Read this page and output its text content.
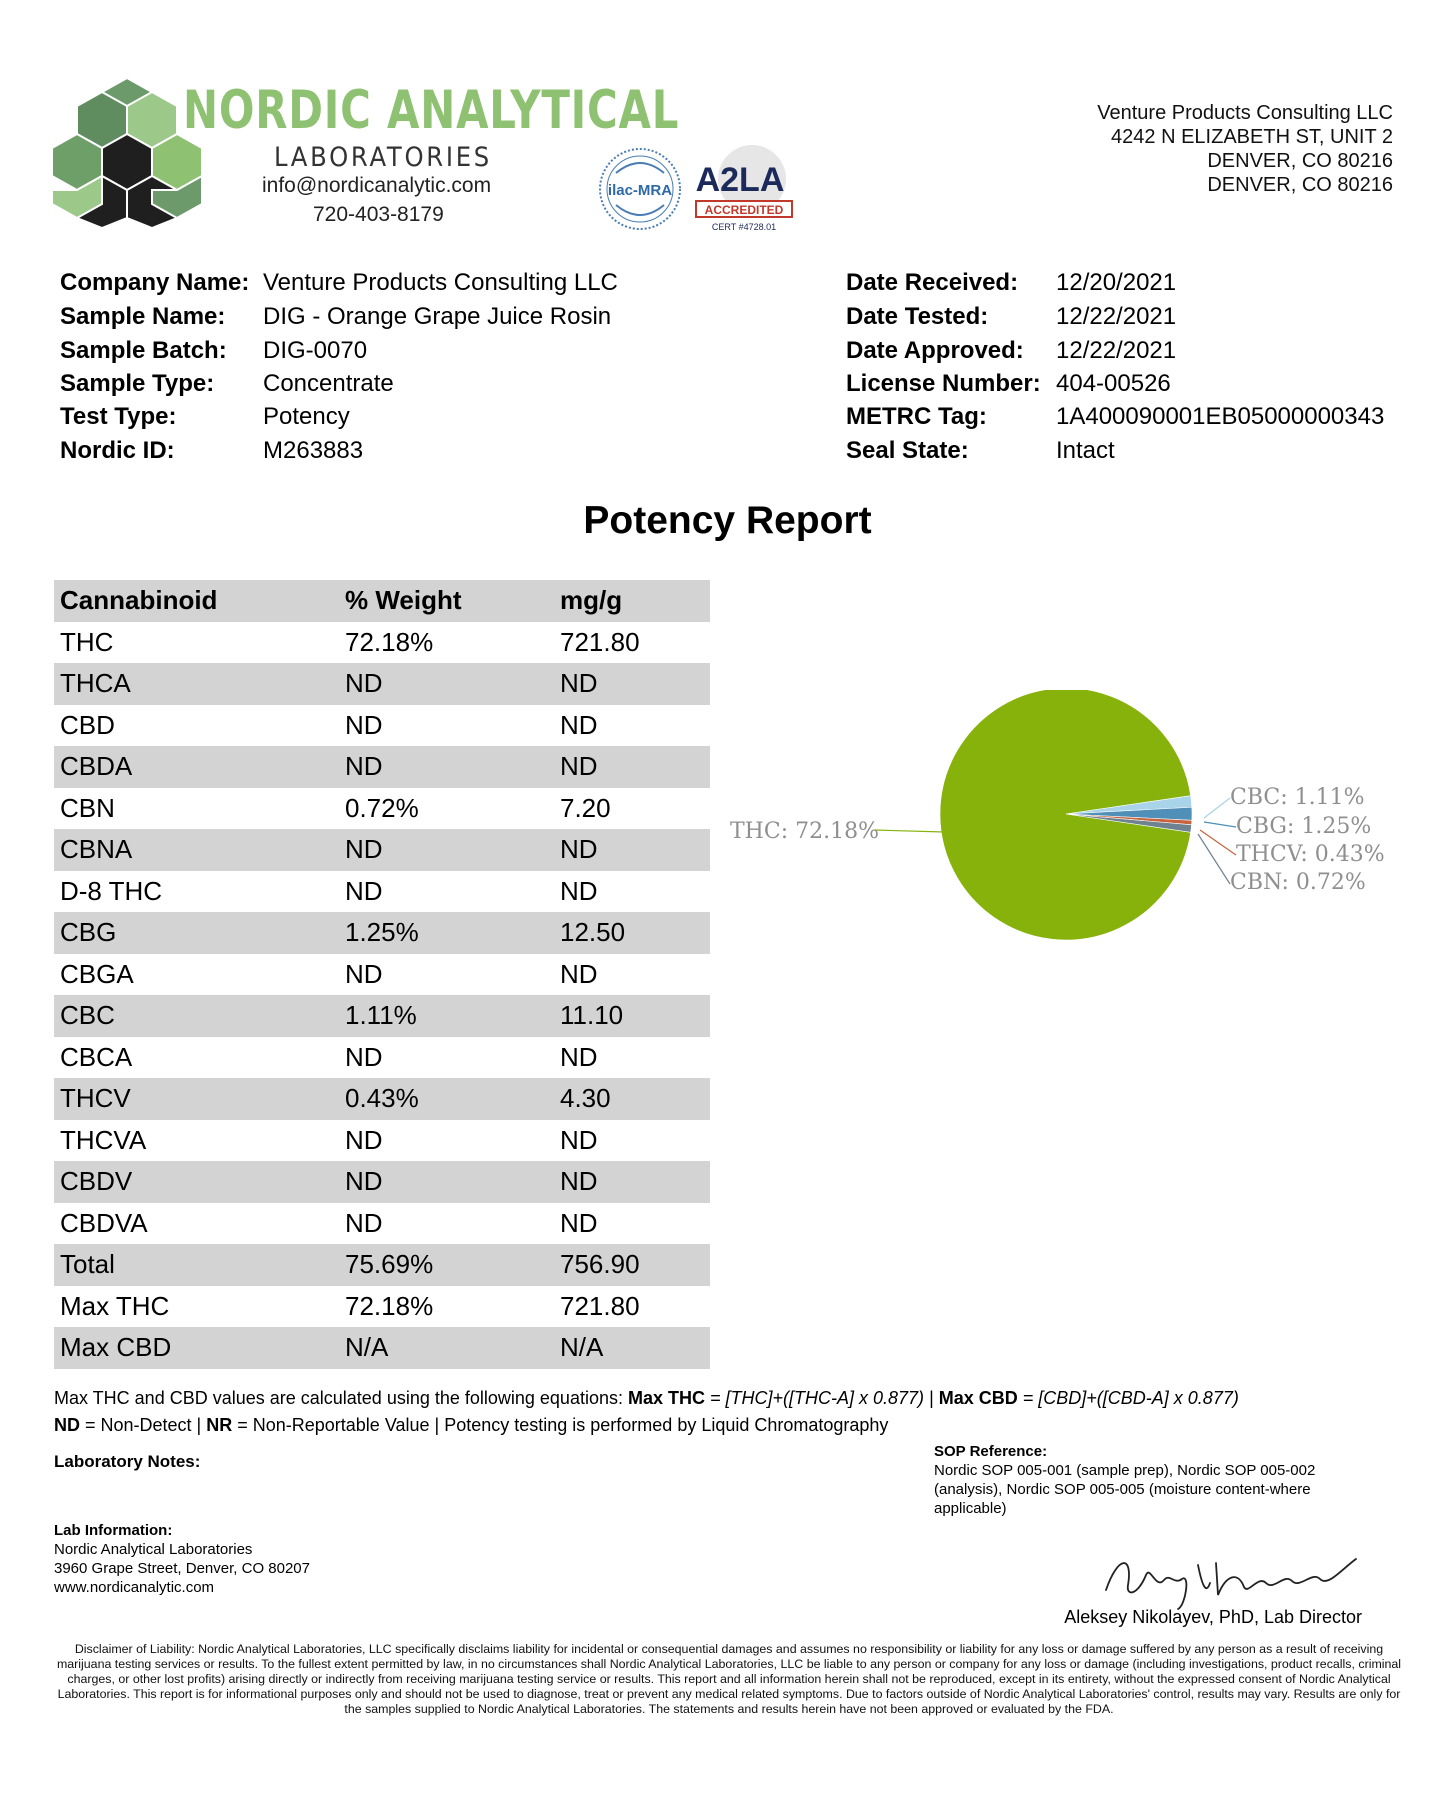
NORDIC ANALYTICAL
LABORATORIES
info@nordicanalytic.com
720-403-8179
ilac-MRA A2LA
ACCREDITED
CERT #4728.01
Venture Products Consulting LLC
4242 N ELIZABETH ST, UNIT 2
DENVER, CO 80216
DENVER, CO 80216
Company Name: Venture Products Consulting LLC
Sample Name: DIG - Orange Grape Juice Rosin
Sample Batch: DIG-0070
Sample Type: Concentrate
Test Type:	Potency
Nordic ID:	M263883
Date Received: 12/20/2021
Date Tested:	12/22/2021
Date Approved: 12/22/2021
License Number: 404-00526
METRC Tag:	1A400090001EB05000000343
Seal State:	Intact
Potency Report
Cannabinoid	% Weight	mg/g
THC	72.18%	721.80
THCA	ND	ND
CBD	ND	ND
CBDA	ND	ND
CBN	0.72%	7.20
CBNA	ND	ND
D-8 THC	ND	ND
CBG	1.25%	12.50
CBGA	ND	ND
CBC	1.11%	11.10
CBCA	ND	ND
THCV	0.43%	4.30
THCVA	ND	ND
CBDV	ND	ND
CBDVA	ND	ND
Total	75.69%	756.90
Max THC	72.18%	721.80
Max CBD	N/A	N/A
THC: 72.18%
CBC: 1.11%
CBG: 1.25%
THCV: 0.43%
CBN: 0.72%
Max THC and CBD values are calculated using the following equations: Max THC = [THC]+([THC-A] x 0.877) | Max CBD = [CBD]+([CBD-A] x 0.877)
ND = Non-Detect | NR = Non-Reportable Value | Potency testing is performed by Liquid Chromatography
Laboratory Notes:
SOP Reference:
Nordic SOP 005-001 (sample prep), Nordic SOP 005-002 (analysis), Nordic SOP 005-005 (moisture content-where applicable)
Lab Information:
Nordic Analytical Laboratories
3960 Grape Street, Denver, CO 80207
www.nordicanalytic.com
Aleksey Nikolayev, PhD, Lab Director
Disclaimer of Liability: Nordic Analytical Laboratories, LLC specifically disclaims liability for incidental or consequential damages and assumes no responsibility or liability for any loss or damage suffered by any person as a result of receiving marijuana testing services or results. To the fullest extent permitted by law, in no circumstances shall Nordic Analytical Laboratories, LLC be liable to any person or company for any loss or damage (including investigations, product recalls, criminal charges, or other lost profits) arising directly or indirectly from receiving marijuana testing service or results. This report and all information herein shall not be reproduced, except in its entirety, without the expressed consent of Nordic Analytical Laboratories. This report is for informational purposes only and should not be used to diagnose, treat or prevent any medical related symptoms. Due to factors outside of Nordic Analytical Laboratories' control, results may vary. Results are only for the samples supplied to Nordic Analytical Laboratories. The statements and results herein have not been approved or evaluated by the FDA.
